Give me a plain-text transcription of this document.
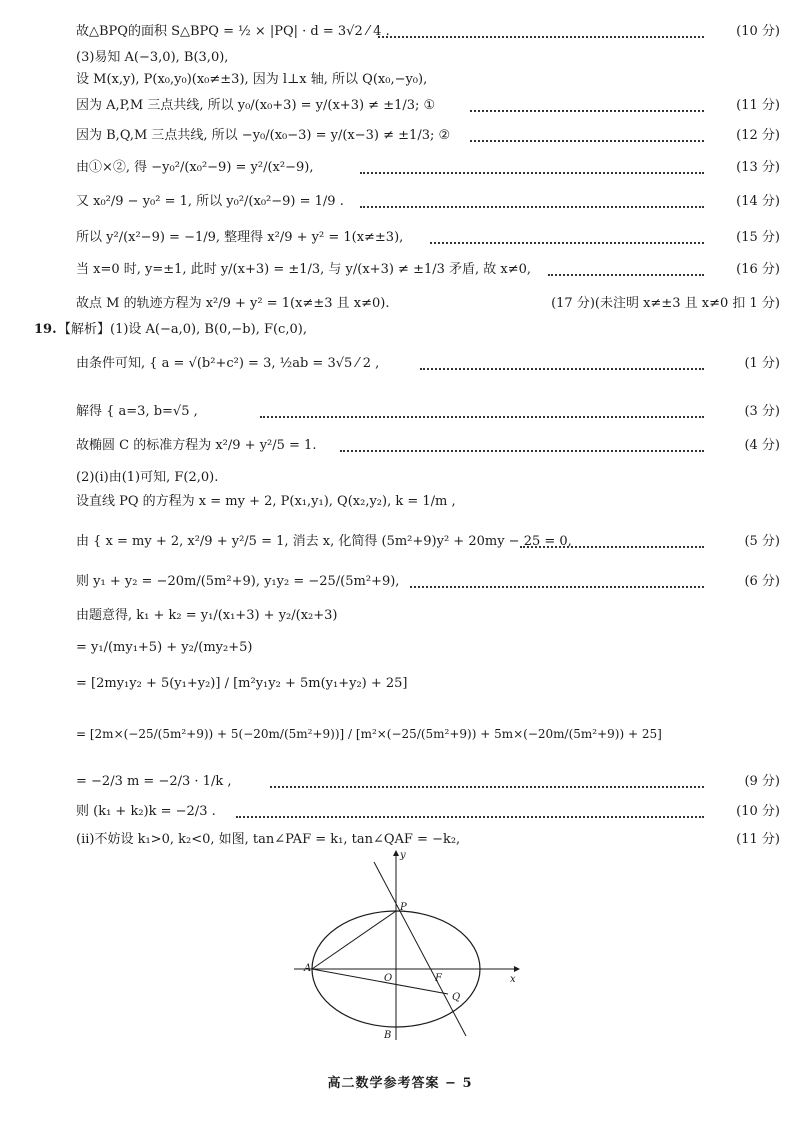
故△BPQ的面积 S△BPQ = ½ × |PQ| · d = 3√2 ⁄ 4 .	(10 分)
(3)易知 A(−3,0), B(3,0),
设 M(x,y), P(x₀,y₀)(x₀≠±3), 因为 l⊥x 轴, 所以 Q(x₀,−y₀),
因为 A,P,M 三点共线, 所以 y₀/(x₀+3) = y/(x+3) ≠ ±1/3; ①	(11 分)
因为 B,Q,M 三点共线, 所以 −y₀/(x₀−3) = y/(x−3) ≠ ±1/3; ②	(12 分)
由①×②, 得 −y₀²/(x₀²−9) = y²/(x²−9),	(13 分)
又 x₀²/9 − y₀² = 1, 所以 y₀²/(x₀²−9) = 1/9 .	(14 分)
所以 y²/(x²−9) = −1/9, 整理得 x²/9 + y² = 1(x≠±3),	(15 分)
当 x=0 时, y=±1, 此时 y/(x+3) = ±1/3, 与 y/(x+3) ≠ ±1/3 矛盾, 故 x≠0,	(16 分)
故点 M 的轨迹方程为 x²/9 + y² = 1(x≠±3 且 x≠0).	(17 分)(未注明 x≠±3 且 x≠0 扣 1 分)
19. 【解析】(1)设 A(−a,0), B(0,−b), F(c,0),
由条件可知, { a = √(b²+c²) = 3, ½ab = 3√5 ⁄ 2 ,	(1 分)
解得 { a=3, b=√5 ,	(3 分)
故椭圆 C 的标准方程为 x²/9 + y²/5 = 1.	(4 分)
(2)(i)由(1)可知, F(2,0).
设直线 PQ 的方程为 x = my + 2, P(x₁,y₁), Q(x₂,y₂), k = 1/m ,
由 { x = my + 2, x²/9 + y²/5 = 1, 消去 x, 化简得 (5m²+9)y² + 20my − 25 = 0,	(5 分)
则 y₁ + y₂ = −20m/(5m²+9), y₁y₂ = −25/(5m²+9),	(6 分)
由题意得, k₁ + k₂ = y₁/(x₁+3) + y₂/(x₂+3)
= y₁/(my₁+5) + y₂/(my₂+5)
= [2my₁y₂ + 5(y₁+y₂)] / [m²y₁y₂ + 5m(y₁+y₂) + 25]
= [2m×(−25/(5m²+9)) + 5(−20m/(5m²+9))] / [m²×(−25/(5m²+9)) + 5m×(−20m/(5m²+9)) + 25]
= −2/3 m = −2/3 · 1/k ,	(9 分)
则 (k₁ + k₂)k = −2/3 .	(10 分)
(ii)不妨设 k₁>0, k₂<0, 如图, tan∠PAF = k₁, tan∠QAF = −k₂,	(11 分)
y
x
P
A
O	F
Q
B
高二数学参考答案 − 5
